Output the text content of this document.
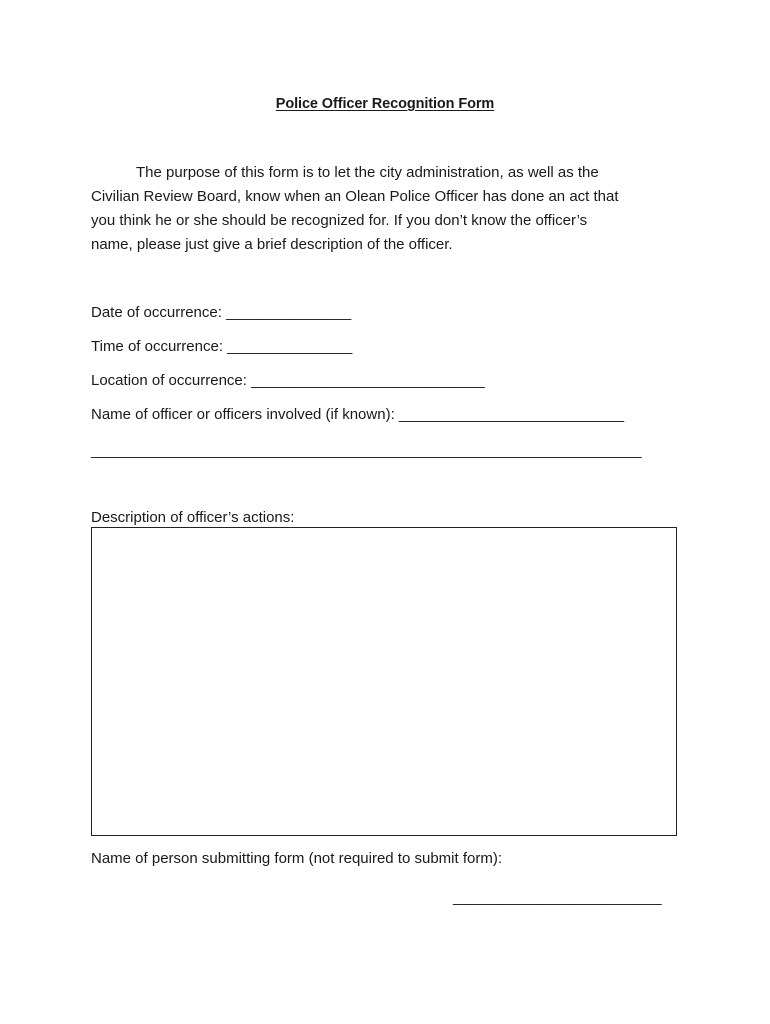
Police Officer Recognition Form
The purpose of this form is to let the city administration, as well as the
Civilian Review Board, know when an Olean Police Officer has done an act that
you think he or she should be recognized for. If you don’t know the officer’s
name, please just give a brief description of the officer.
Date of occurrence: _______________
Time of occurrence: _______________
Location of occurrence: ____________________________
Name of officer or officers involved (if known): ___________________________
__________________________________________________________________
Description of officer’s actions:
Name of person submitting form (not required to submit form):
_________________________
